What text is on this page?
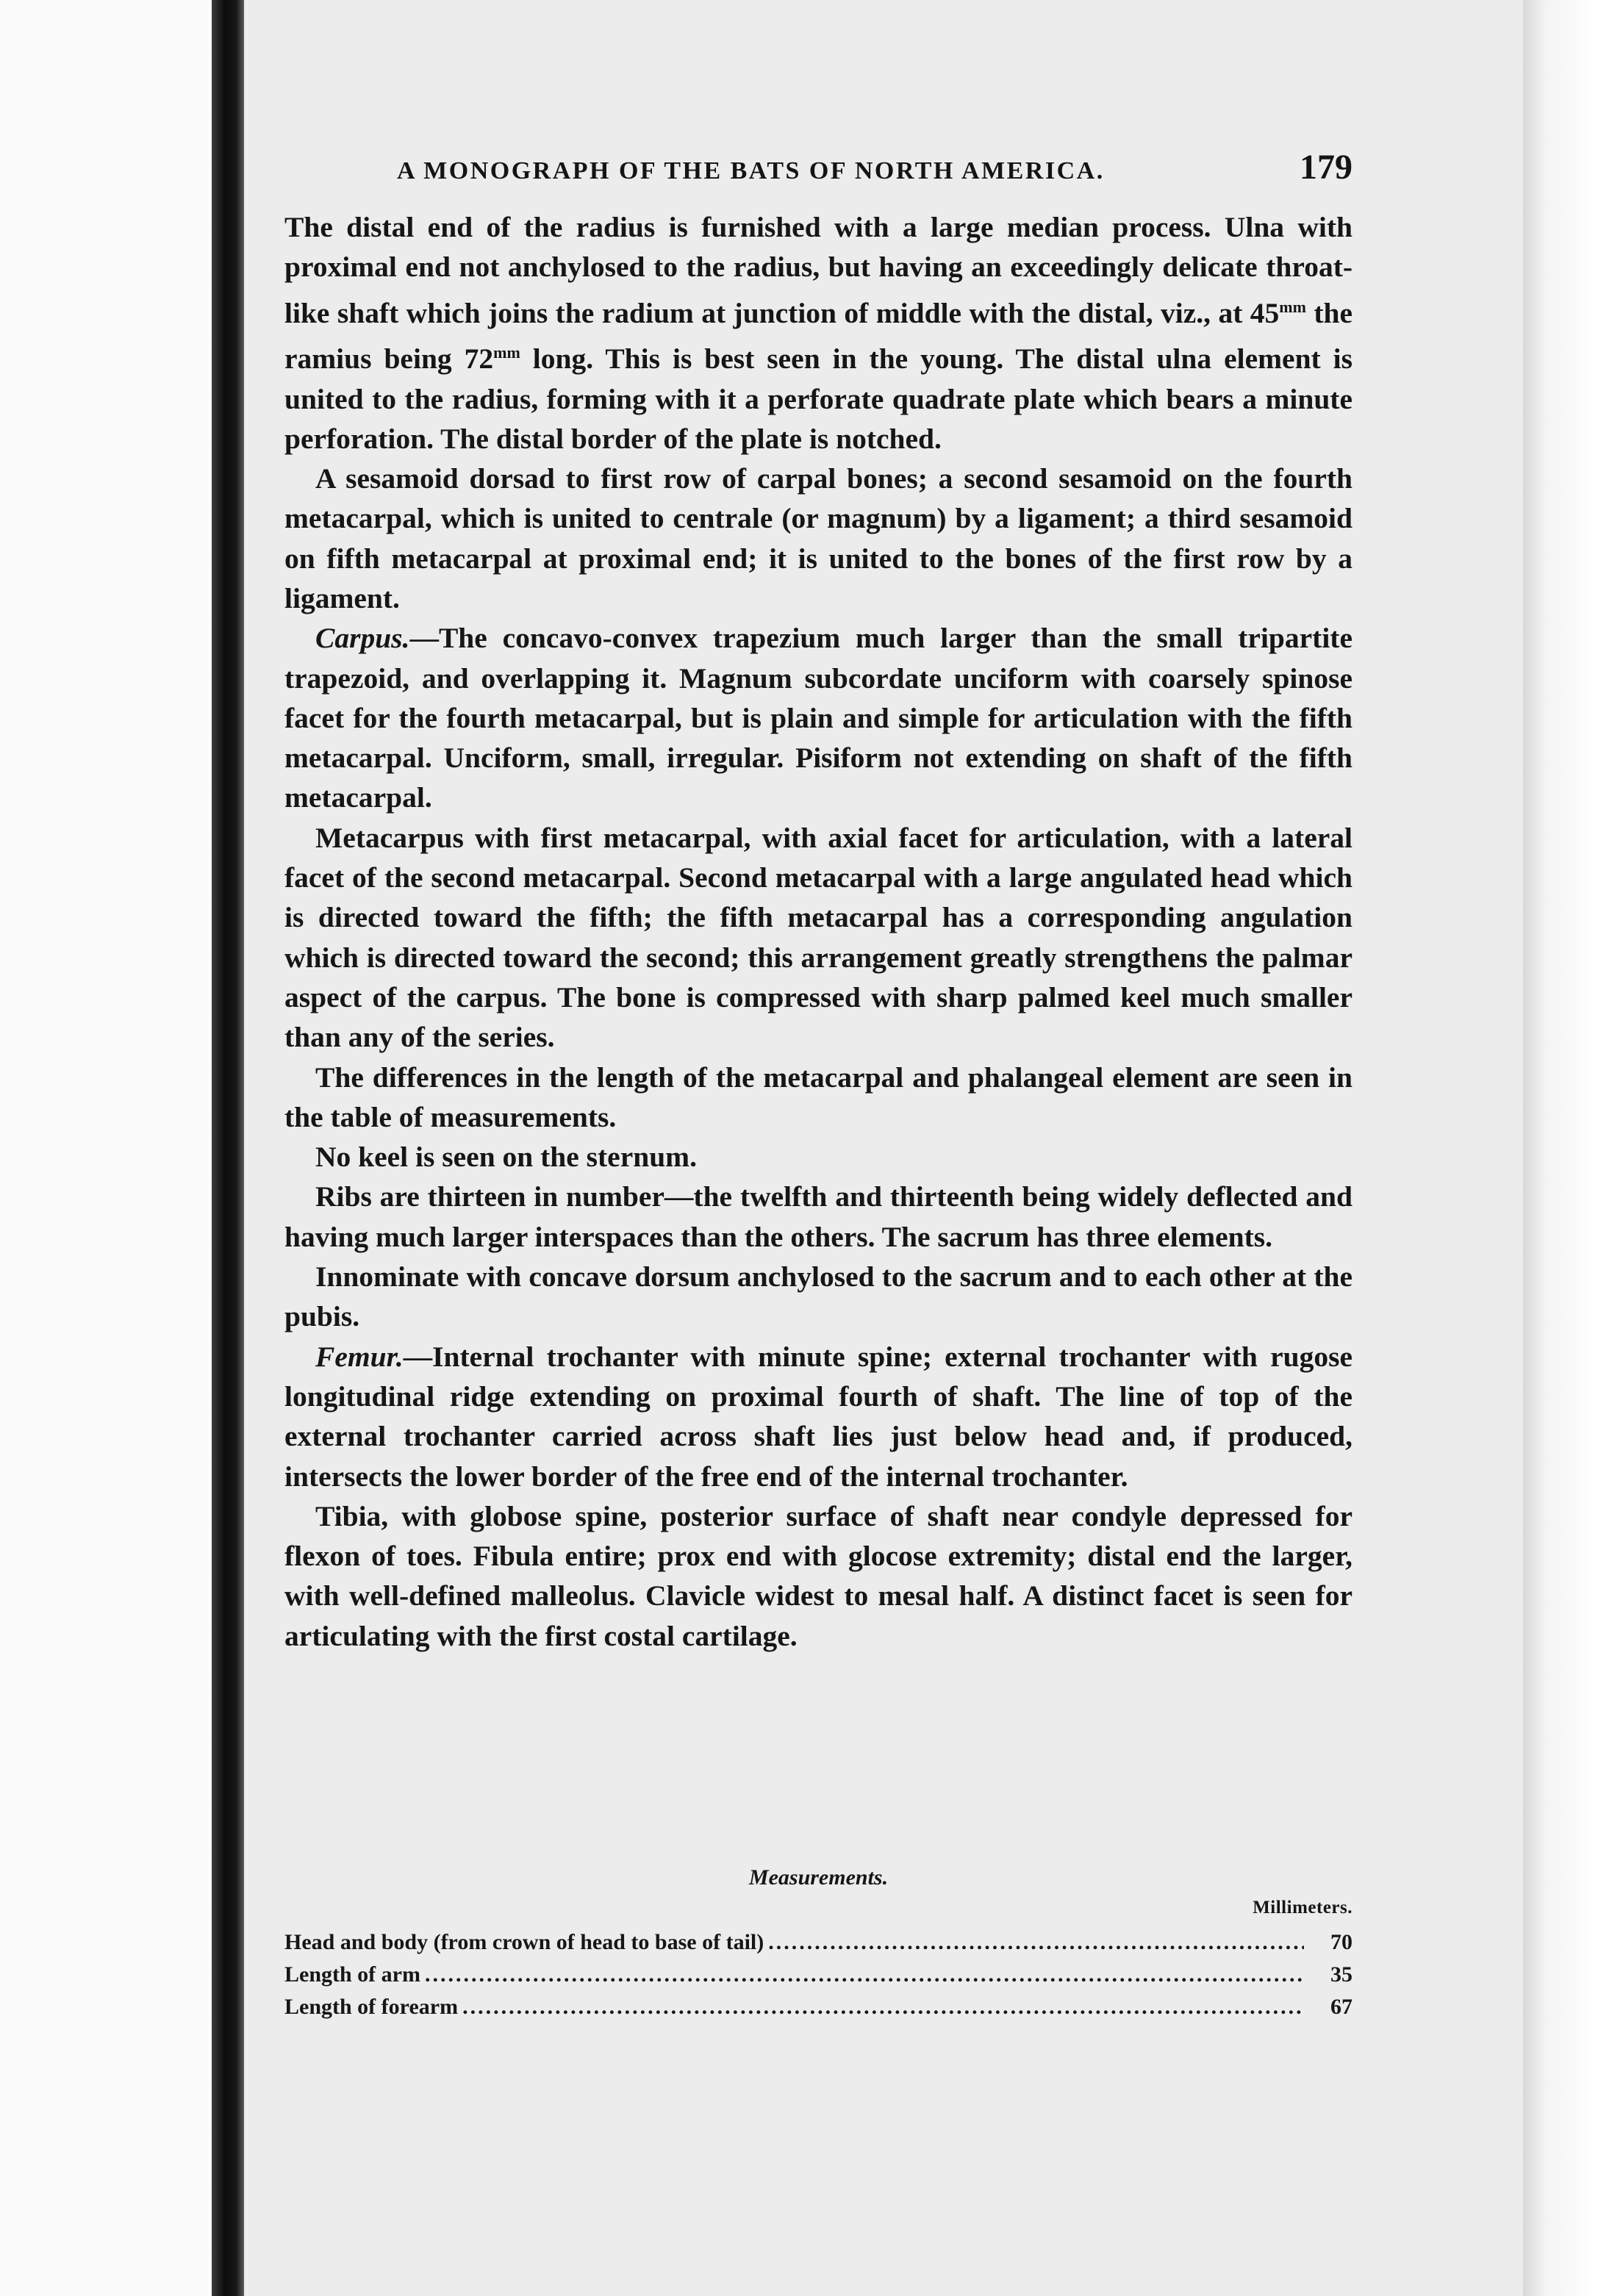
A MONOGRAPH OF THE BATS OF NORTH AMERICA.	179

The distal end of the radius is furnished with a large median process. Ulna with proximal end not anchylosed to the radius, but having an exceedingly delicate throat-like shaft which joins the radium at junction of middle with the distal, viz., at $45^{mm}$ the ramius being $72^{mm}$ long. This is best seen in the young. The distal ulna element is united to the radius, forming with it a perforate quadrate plate which bears a minute perforation. The distal border of the plate is notched.

A sesamoid dorsad to first row of carpal bones; a second sesamoid on the fourth metacarpal, which is united to centrale (or magnum) by a ligament; a third sesamoid on fifth metacarpal at proximal end; it is united to the bones of the first row by a ligament.

Carpus.—The concavo-convex trapezium much larger than the small tripartite trapezoid, and overlapping it. Magnum subcordate unciform with coarsely spinose facet for the fourth metacarpal, but is plain and simple for articulation with the fifth metacarpal. Unciform, small, irregular. Pisiform not extending on shaft of the fifth metacarpal.

Metacarpus with first metacarpal, with axial facet for articulation, with a lateral facet of the second metacarpal. Second metacarpal with a large angulated head which is directed toward the fifth; the fifth metacarpal has a corresponding angulation which is directed toward the second; this arrangement greatly strengthens the palmar aspect of the carpus. The bone is compressed with sharp palmed keel much smaller than any of the series.

The differences in the length of the metacarpal and phalangeal element are seen in the table of measurements.

No keel is seen on the sternum.

Ribs are thirteen in number—the twelfth and thirteenth being widely deflected and having much larger interspaces than the others. The sacrum has three elements.

Innominate with concave dorsum anchylosed to the sacrum and to each other at the pubis.

Femur.—Internal trochanter with minute spine; external trochanter with rugose longitudinal ridge extending on proximal fourth of shaft. The line of top of the external trochanter carried across shaft lies just below head and, if produced, intersects the lower border of the free end of the internal trochanter.

Tibia, with globose spine, posterior surface of shaft near condyle depressed for flexon of toes. Fibula entire; prox end with glocose extremity; distal end the larger, with well-defined malleolus. Clavicle widest to mesal half. A distinct facet is seen for articulating with the first costal cartilage.

Measurements.
Millimeters.
Head and body (from crown of head to base of tail) .....	70
Length of arm .....	35
Length of forearm .....	67
